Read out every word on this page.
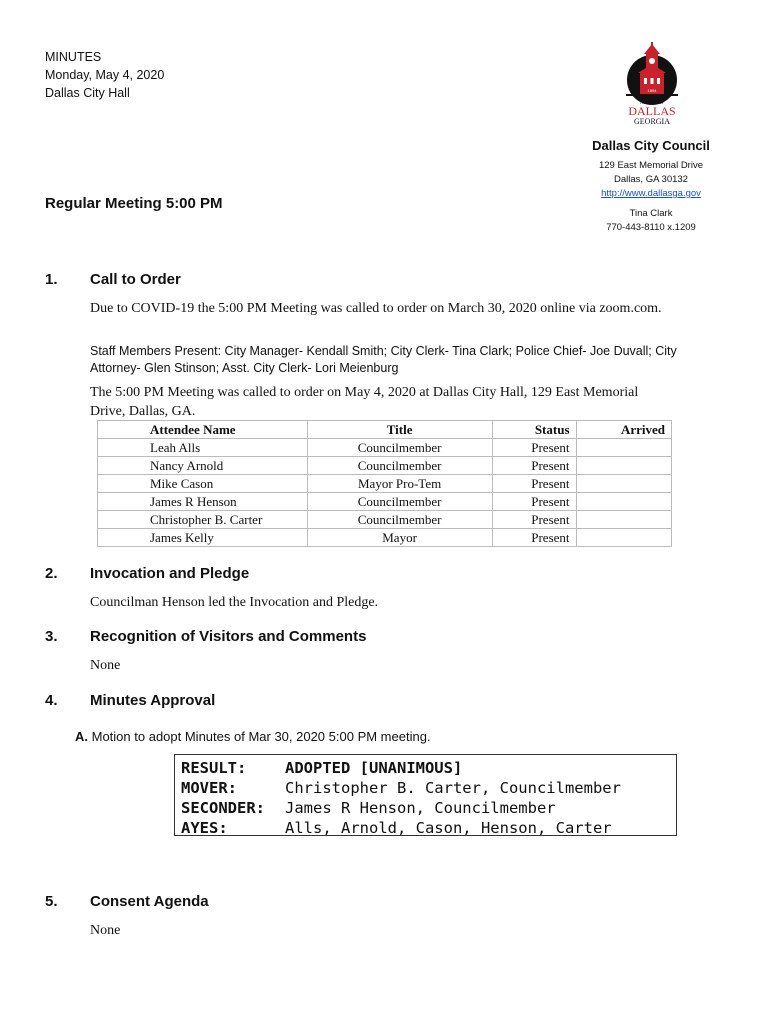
MINUTES
Monday, May 4, 2020
Dallas City Hall	1854
THE CITY OF
DALLAS
GEORGIA
Dallas City Council
129 East Memorial Drive
Dallas, GA 30132
http://www.dallasga.gov
Tina Clark
770-443-8110 x.1209
Regular Meeting 5:00 PM
1. Call to Order
Due to COVID-19 the 5:00 PM Meeting was called to order on March 30, 2020 online via zoom.com.
Staff Members Present: City Manager- Kendall Smith; City Clerk- Tina Clark; Police Chief- Joe Duvall; City Attorney- Glen Stinson; Asst. City Clerk- Lori Meienburg
The 5:00 PM Meeting was called to order on May 4, 2020 at Dallas City Hall, 129 East Memorial Drive, Dallas, GA.
Attendee Name	Title	Status	Arrived
Leah Alls	Councilmember	Present	
Nancy Arnold	Councilmember	Present	
Mike Cason	Mayor Pro-Tem	Present	
James R Henson	Councilmember	Present	
Christopher B. Carter	Councilmember	Present	
James Kelly	Mayor	Present	
2. Invocation and Pledge
Councilman Henson led the Invocation and Pledge.
3. Recognition of Visitors and Comments
None
4. Minutes Approval
A. Motion to adopt Minutes of Mar 30, 2020 5:00 PM meeting.
RESULT:	ADOPTED [UNANIMOUS]
MOVER:	Christopher B. Carter, Councilmember
SECONDER:	James R Henson, Councilmember
AYES:	Alls, Arnold, Cason, Henson, Carter
5. Consent Agenda
None
